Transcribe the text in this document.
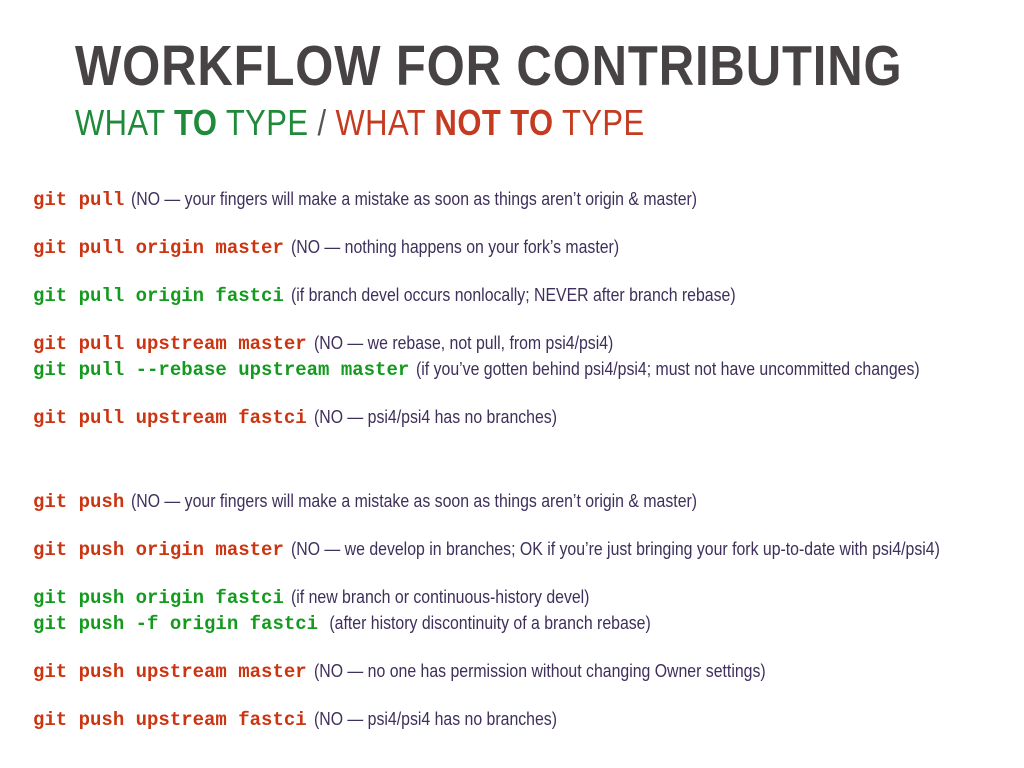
WORKFLOW FOR CONTRIBUTING
WHAT TO TYPE / WHAT NOT TO TYPE
git pull (NO — your fingers will make a mistake as soon as things aren’t origin & master)
git pull origin master (NO — nothing happens on your fork’s master)
git pull origin fastci (if branch devel occurs nonlocally; NEVER after branch rebase)
git pull upstream master (NO — we rebase, not pull, from psi4/psi4)
git pull --rebase upstream master (if you’ve gotten behind psi4/psi4; must not have uncommitted changes)
git pull upstream fastci (NO — psi4/psi4 has no branches)
git push (NO — your fingers will make a mistake as soon as things aren’t origin & master)
git push origin master (NO — we develop in branches; OK if you’re just bringing your fork up-to-date with psi4/psi4)
git push origin fastci (if new branch or continuous-history devel)
git push -f origin fastci (after history discontinuity of a branch rebase)
git push upstream master (NO — no one has permission without changing Owner settings)
git push upstream fastci (NO — psi4/psi4 has no branches)
